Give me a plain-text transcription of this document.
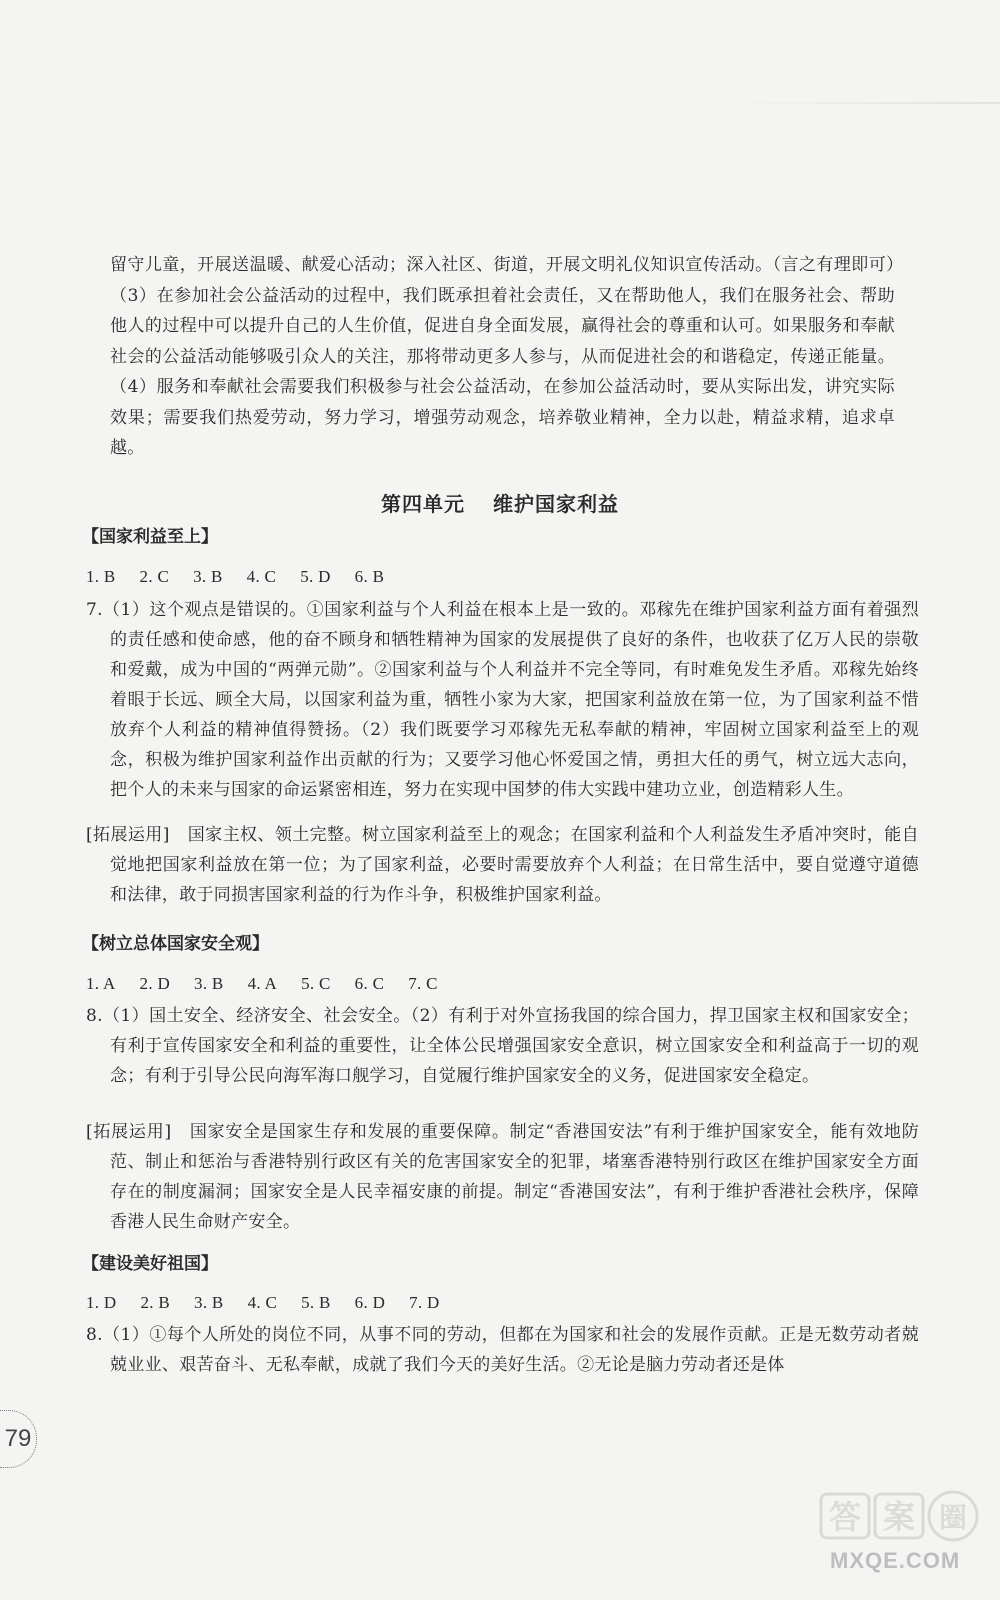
留守儿童，开展送温暖、献爱心活动；深入社区、街道，开展文明礼仪知识宣传活动。（言之有理即可）（3）在参加社会公益活动的过程中，我们既承担着社会责任，又在帮助他人，我们在服务社会、帮助他人的过程中可以提升自己的人生价值，促进自身全面发展，赢得社会的尊重和认可。如果服务和奉献社会的公益活动能够吸引众人的关注，那将带动更多人参与，从而促进社会的和谐稳定，传递正能量。（4）服务和奉献社会需要我们积极参与社会公益活动，在参加公益活动时，要从实际出发，讲究实际效果；需要我们热爱劳动，努力学习，增强劳动观念，培养敬业精神，全力以赴，精益求精，追求卓越。

第四单元 维护国家利益
【国家利益至上】
1. B 2. C 3. B 4. C 5. D 6. B

7.（1）这个观点是错误的。①国家利益与个人利益在根本上是一致的。邓稼先在维护国家利益方面有着强烈的责任感和使命感，他的奋不顾身和牺牲精神为国家的发展提供了良好的条件，也收获了亿万人民的崇敬和爱戴，成为中国的“两弹元勋”。②国家利益与个人利益并不完全等同，有时难免发生矛盾。邓稼先始终着眼于长远、顾全大局，以国家利益为重，牺牲小家为大家，把国家利益放在第一位，为了国家利益不惜放弃个人利益的精神值得赞扬。（2）我们既要学习邓稼先无私奉献的精神，牢固树立国家利益至上的观念，积极为维护国家利益作出贡献的行为；又要学习他心怀爱国之情，勇担大任的勇气，树立远大志向，把个人的未来与国家的命运紧密相连，努力在实现中国梦的伟大实践中建功立业，创造精彩人生。

[拓展运用] 国家主权、领土完整。树立国家利益至上的观念；在国家利益和个人利益发生矛盾冲突时，能自觉地把国家利益放在第一位；为了国家利益，必要时需要放弃个人利益；在日常生活中，要自觉遵守道德和法律，敢于同损害国家利益的行为作斗争，积极维护国家利益。

【树立总体国家安全观】
1. A 2. D 3. B 4. A 5. C 6. C 7. C

8.（1）国土安全、经济安全、社会安全。（2）有利于对外宣扬我国的综合国力，捍卫国家主权和国家安全；有利于宣传国家安全和利益的重要性，让全体公民增强国家安全意识，树立国家安全和利益高于一切的观念；有利于引导公民向海军海口舰学习，自觉履行维护国家安全的义务，促进国家安全稳定。

[拓展运用] 国家安全是国家生存和发展的重要保障。制定“香港国安法”有利于维护国家安全，能有效地防范、制止和惩治与香港特别行政区有关的危害国家安全的犯罪，堵塞香港特别行政区在维护国家安全方面存在的制度漏洞；国家安全是人民幸福安康的前提。制定“香港国安法”，有利于维护香港社会秩序，保障香港人民生命财产安全。

【建设美好祖国】
1. D 2. B 3. B 4. C 5. B 6. D 7. D

8.（1）①每个人所处的岗位不同，从事不同的劳动，但都在为国家和社会的发展作贡献。正是无数劳动者兢兢业业、艰苦奋斗、无私奉献，成就了我们今天的美好生活。②无论是脑力劳动者还是体

79
答 案 圈
MXQE.COM
